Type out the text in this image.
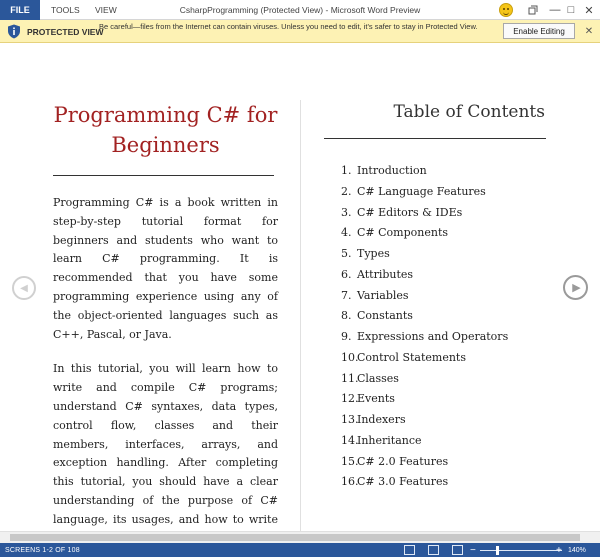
FILE	TOOLS VIEW	CsharpProgramming (Protected View) - Microsoft Word Preview	— □ ✕
PROTECTED VIEW
Be careful—files from the Internet can contain viruses. Unless you need to edit, it's safer to stay in Protected View.	Enable Editing	✕
◀	▶
Programming C# for
Beginners

Programming C# is a book written in step-by-step tutorial format for beginners and students who want to learn C# programming. It is recommended that you have some programming experience using any of the object-oriented languages such as C++, Pascal, or Java.

In this tutorial, you will learn how to write and compile C# programs; understand C# syntaxes, data types, control flow, classes and their members, interfaces, arrays, and exception handling. After completing this tutorial, you should have a clear understanding of the purpose of C# language, its usages, and how to write

Table of Contents
1. Introduction
2. C# Language Features
3. C# Editors & IDEs
4. C# Components
5. Types
6. Attributes
7. Variables
8. Constants
9. Expressions and Operators
10.Control Statements
11.Classes
12.Events
13.Indexers
14.Inheritance
15.C# 2.0 Features
16.C# 3.0 Features
SCREENS 1-2 OF 108	−	+ 140%
